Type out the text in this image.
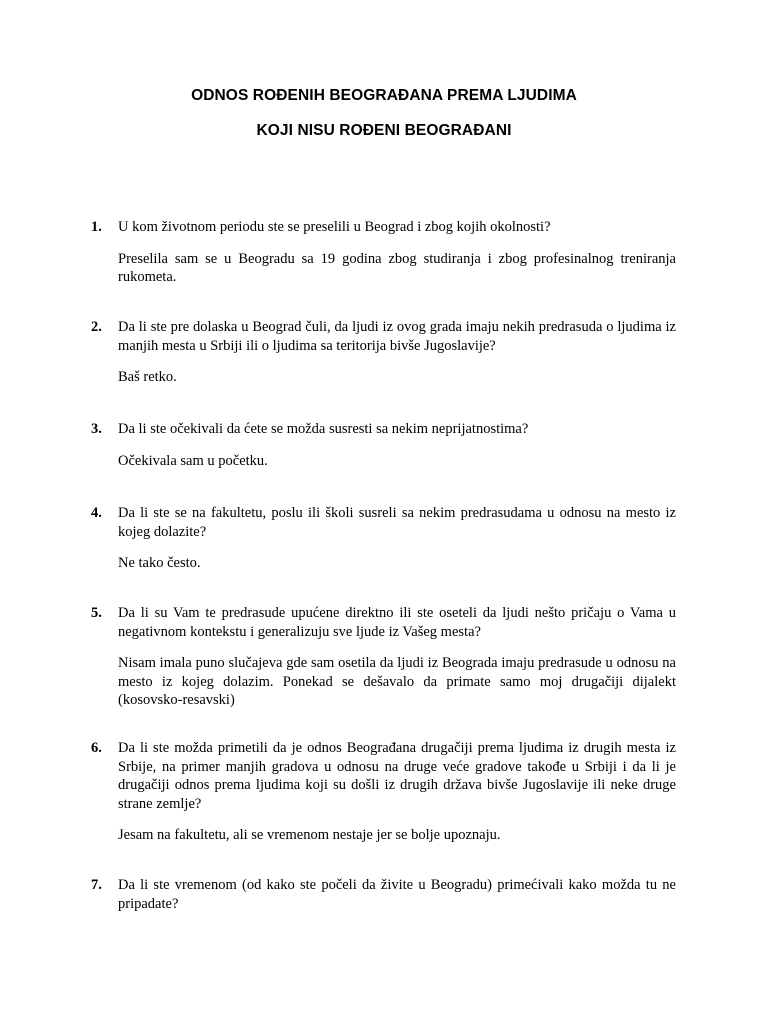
ODNOS ROĐENIH BEOGRAĐANA PREMA LJUDIMA
KOJI NISU ROĐENI BEOGRAĐANI
1. U kom životnom periodu ste se preselili u Beograd i zbog kojih okolnosti?
Preselila sam se u Beogradu sa 19 godina zbog studiranja i zbog profesinalnog treniranja rukometa.
2. Da li ste pre dolaska u Beograd čuli, da ljudi iz ovog grada imaju nekih predrasuda o ljudima iz manjih mesta u Srbiji ili o ljudima sa teritorija bivše Jugoslavije?
Baš retko.
3. Da li ste očekivali da ćete se možda susresti sa nekim neprijatnostima?
Očekivala sam u početku.
4. Da li ste se na fakultetu, poslu ili školi susreli sa nekim predrasudama u odnosu na mesto iz kojeg dolazite?
Ne tako često.
5. Da li su Vam te predrasude upućene direktno ili ste oseteli da ljudi nešto pričaju o Vama u negativnom kontekstu i generalizuju sve ljude iz Vašeg mesta?
Nisam imala puno slučajeva gde sam osetila da ljudi iz Beograda imaju predrasude u odnosu na mesto iz kojeg dolazim. Ponekad se dešavalo da primate samo moj drugačiji dijalekt (kosovsko-resavski)
6. Da li ste možda primetili da je odnos Beograđana drugačiji prema ljudima iz drugih mesta iz Srbije, na primer manjih gradova u odnosu na druge veće gradove takođe u Srbiji i da li je drugačiji odnos prema ljudima koji su došli iz drugih država bivše Jugoslavije ili neke druge strane zemlje?
Jesam na fakultetu, ali se vremenom nestaje jer se bolje upoznaju.
7. Da li ste vremenom (od kako ste počeli da živite u Beogradu) primećivali kako možda tu ne pripadate?
